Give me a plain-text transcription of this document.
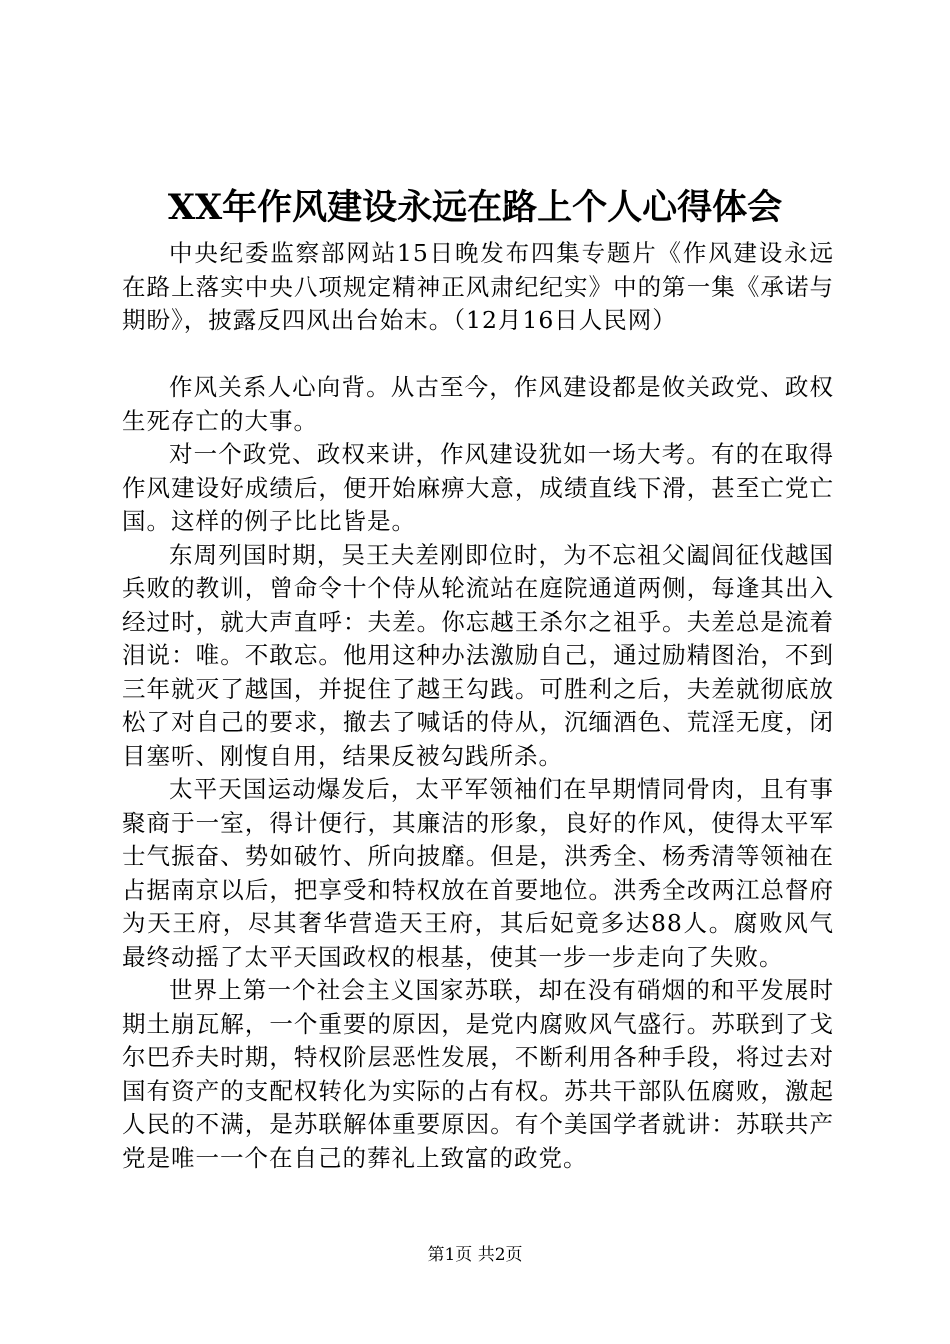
XX年作风建设永远在路上个人心得体会

中央纪委监察部网站15日晚发布四集专题片《作风建设永远在路上落实中央八项规定精神正风肃纪纪实》中的第一集《承诺与期盼》，披露反四风出台始末。（12月16日人民网）

作风关系人心向背。从古至今，作风建设都是攸关政党、政权生死存亡的大事。

对一个政党、政权来讲，作风建设犹如一场大考。有的在取得作风建设好成绩后，便开始麻痹大意，成绩直线下滑，甚至亡党亡国。这样的例子比比皆是。

东周列国时期，吴王夫差刚即位时，为不忘祖父阖闾征伐越国兵败的教训，曾命令十个侍从轮流站在庭院通道两侧，每逢其出入经过时，就大声直呼：夫差。你忘越王杀尔之祖乎。夫差总是流着泪说：唯。不敢忘。他用这种办法激励自己，通过励精图治，不到三年就灭了越国，并捉住了越王勾践。可胜利之后，夫差就彻底放松了对自己的要求，撤去了喊话的侍从，沉缅酒色、荒淫无度，闭目塞听、刚愎自用，结果反被勾践所杀。

太平天国运动爆发后，太平军领袖们在早期情同骨肉，且有事聚商于一室，得计便行，其廉洁的形象，良好的作风，使得太平军士气振奋、势如破竹、所向披靡。但是，洪秀全、杨秀清等领袖在占据南京以后，把享受和特权放在首要地位。洪秀全改两江总督府为天王府，尽其奢华营造天王府，其后妃竟多达88人。腐败风气最终动摇了太平天国政权的根基，使其一步一步走向了失败。

世界上第一个社会主义国家苏联，却在没有硝烟的和平发展时期土崩瓦解，一个重要的原因，是党内腐败风气盛行。苏联到了戈尔巴乔夫时期，特权阶层恶性发展，不断利用各种手段，将过去对国有资产的支配权转化为实际的占有权。苏共干部队伍腐败，激起人民的不满，是苏联解体重要原因。有个美国学者就讲：苏联共产党是唯一一个在自己的葬礼上致富的政党。

第1页 共2页
